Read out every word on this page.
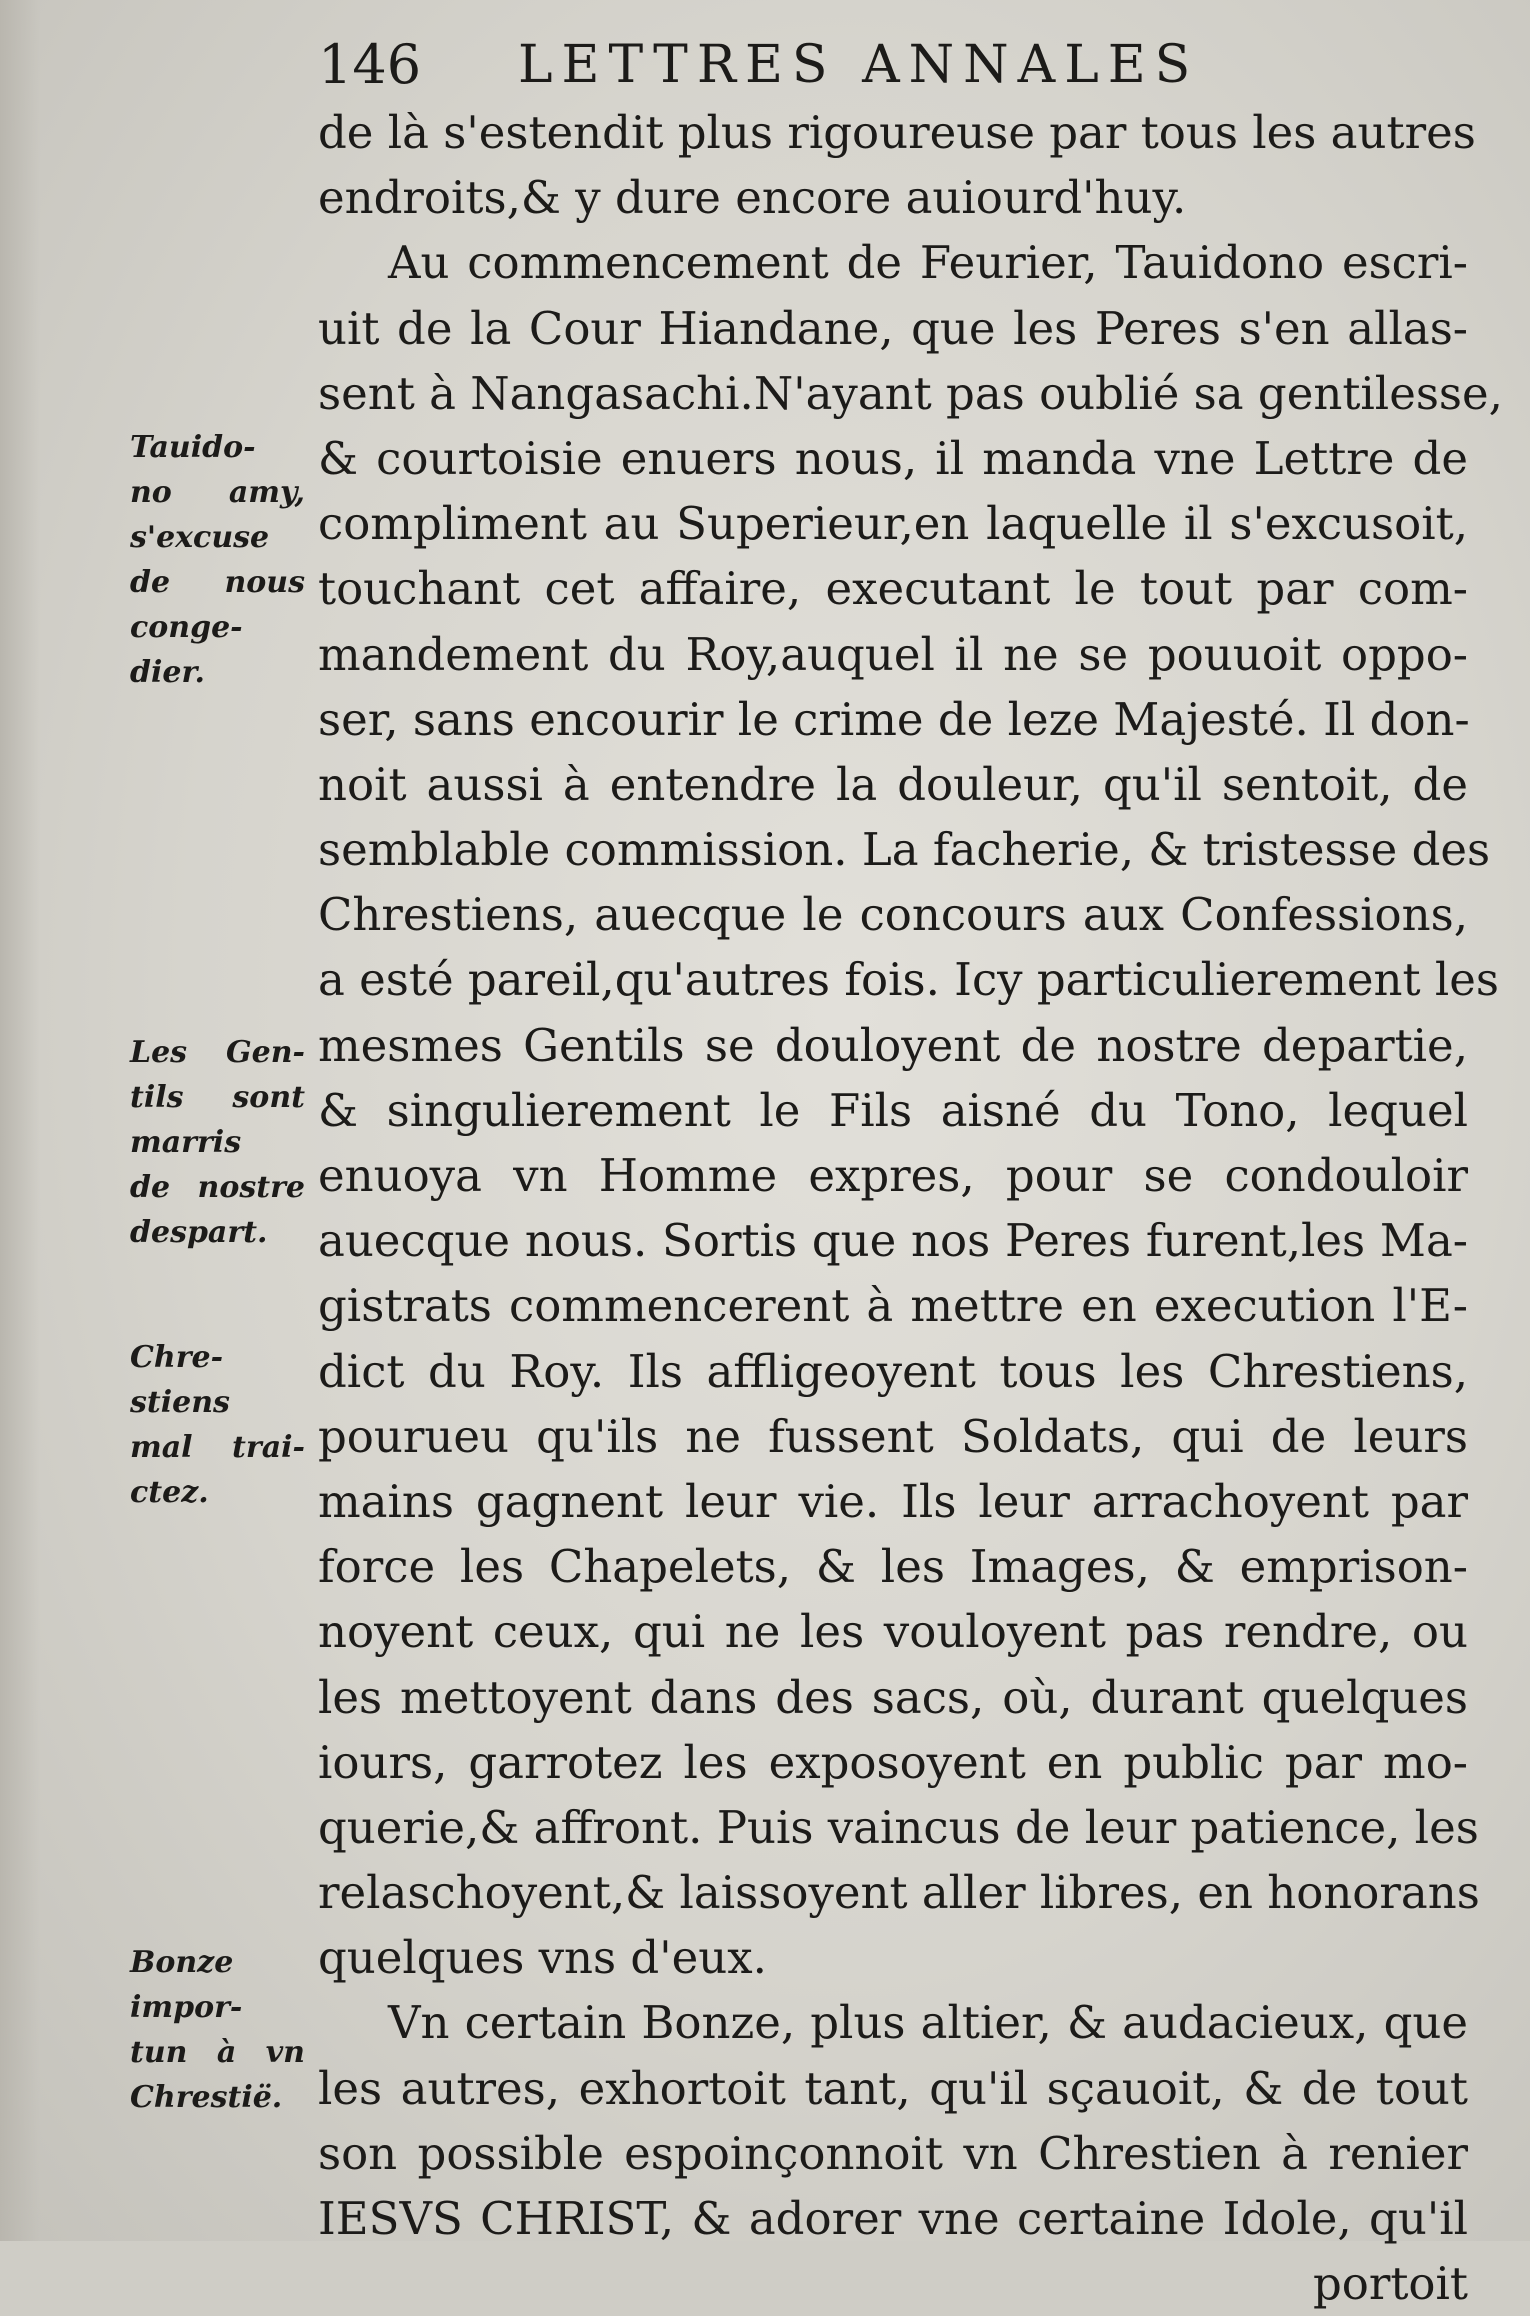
146 LETTRES ANNALES
de là s'estendit plus rigoureuse par tous les autres
endroits,& y dure encore auiourd'huy.
Au commencement de Feurier, Tauidono escri-
uit de la Cour Hiandane, que les Peres s'en allas-
sent à Nangasachi.N'ayant pas oublié sa gentilesse,
& courtoisie enuers nous, il manda vne Lettre de
compliment au Superieur,en laquelle il s'excusoit,
touchant cet affaire, executant le tout par com-
mandement du Roy,auquel il ne se pouuoit oppo-
ser, sans encourir le crime de leze Majesté. Il don-
noit aussi à entendre la douleur, qu'il sentoit, de
semblable commission. La facherie, & tristesse des
Chrestiens, auecque le concours aux Confessions,
a esté pareil,qu'autres fois. Icy particulierement les
mesmes Gentils se douloyent de nostre departie,
& singulierement le Fils aisné du Tono, lequel
enuoya vn Homme expres, pour se condouloir
auecque nous. Sortis que nos Peres furent,les Ma-
gistrats commencerent à mettre en execution l'E-
dict du Roy. Ils affligeoyent tous les Chrestiens,
pourueu qu'ils ne fussent Soldats, qui de leurs
mains gagnent leur vie. Ils leur arrachoyent par
force les Chapelets, & les Images, & emprison-
noyent ceux, qui ne les vouloyent pas rendre, ou
les mettoyent dans des sacs, où, durant quelques
iours, garrotez les exposoyent en public par mo-
querie,& affront. Puis vaincus de leur patience, les
relaschoyent,& laissoyent aller libres, en honorans
quelques vns d'eux.
Vn certain Bonze, plus altier, & audacieux, que
les autres, exhortoit tant, qu'il sçauoit, & de tout
son possible espoinçonnoit vn Chrestien à renier
IESVS CHRIST, & adorer vne certaine Idole, qu'il
portoit
Tauido-
no amy,
s'excuse
de nous
conge-
dier.
Les Gen-
tils sont
marris
de nostre
despart.
Chre-
stiens
mal trai-
ctez.
Bonze
impor-
tun à vn
Chrestië.
